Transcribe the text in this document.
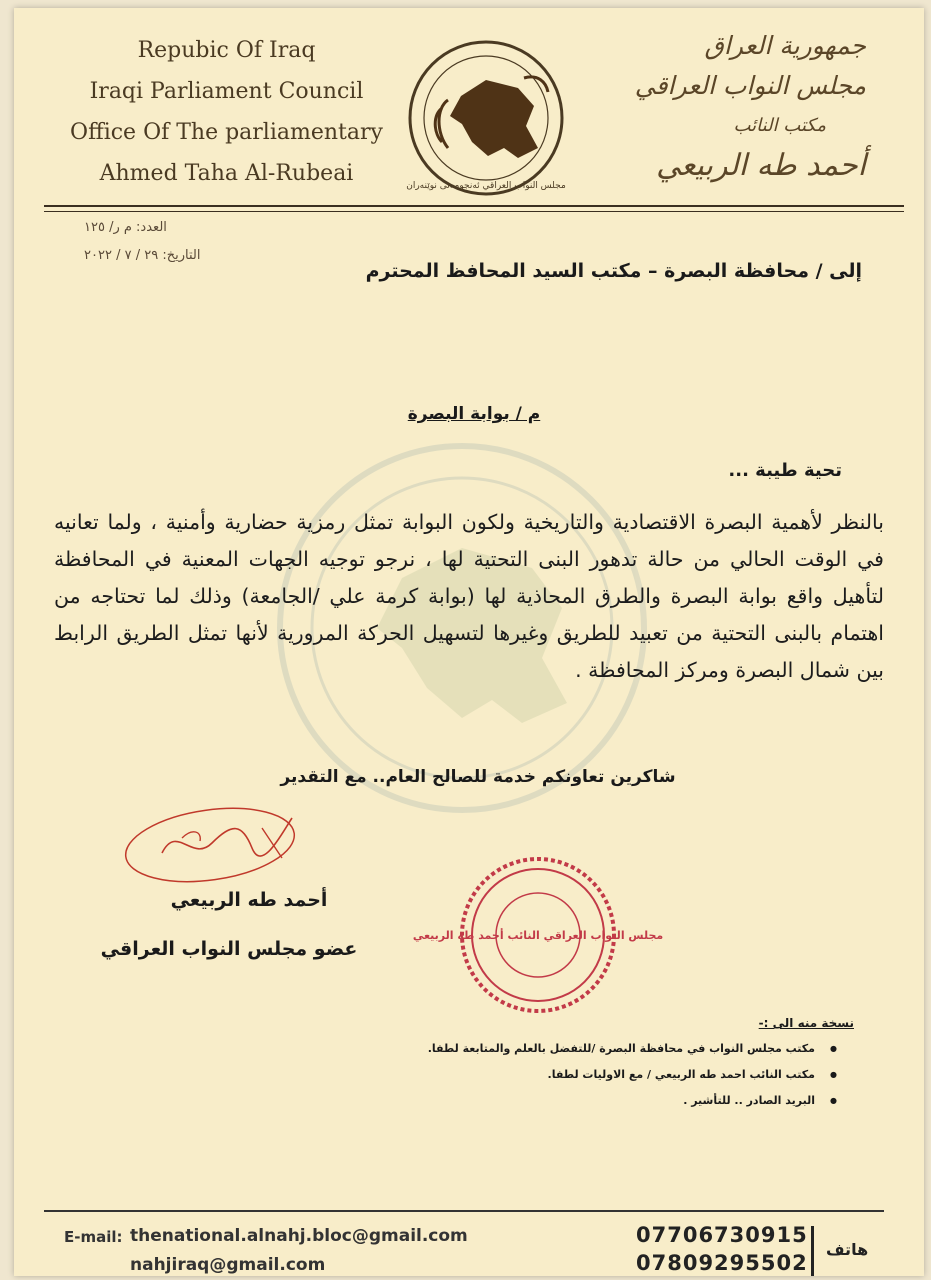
Repubic Of Iraq
Iraqi Parliament Council
Office Of The parliamentary
Ahmed Taha Al-Rubeai	مجلس النواب العراقي ئەنجومەنی نوێنەران
جمهورية العراق
مجلس النواب العراقي
مكتب النائب
أحمد طه الربيعي
العدد: م ر/ ١٢٥
التاريخ: ٢٩ / ٧ / ٢٠٢٢
إلى / محافظة البصرة – مكتب السيد المحافظ المحترم
م / بوابة البصرة
تحية طيبة ...
بالنظر لأهمية البصرة الاقتصادية والتاريخية ولكون البوابة تمثل رمزية حضارية وأمنية ، ولما تعانيه في الوقت الحالي من حالة تدهور البنى التحتية لها ، نرجو توجيه الجهات المعنية في المحافظة لتأهيل واقع بوابة البصرة والطرق المحاذية لها (بوابة كرمة علي /الجامعة) وذلك لما تحتاجه من اهتمام بالبنى التحتية من تعبيد للطريق وغيرها لتسهيل الحركة المرورية لأنها تمثل الطريق الرابط بين شمال البصرة ومركز المحافظة .
شاكرين تعاونكم خدمة للصالح العام.. مع التقدير
أحمد طه الربيعي
عضو مجلس النواب العراقي
مجلس النواب العراقي النائب أحمد طه الربيعي
نسخة منه الى :-
● مكتب مجلس النواب في محافظة البصرة /للتفضل بالعلم والمتابعة لطفا.
● مكتب النائب احمد طه الربيعي / مع الاوليات لطفا.
● البريد الصادر .. للتأشير .
E-mail: thenational.alnahj.bloc@gmail.com
nahjiraq@gmail.com
07706730915
07809295502
هاتف
